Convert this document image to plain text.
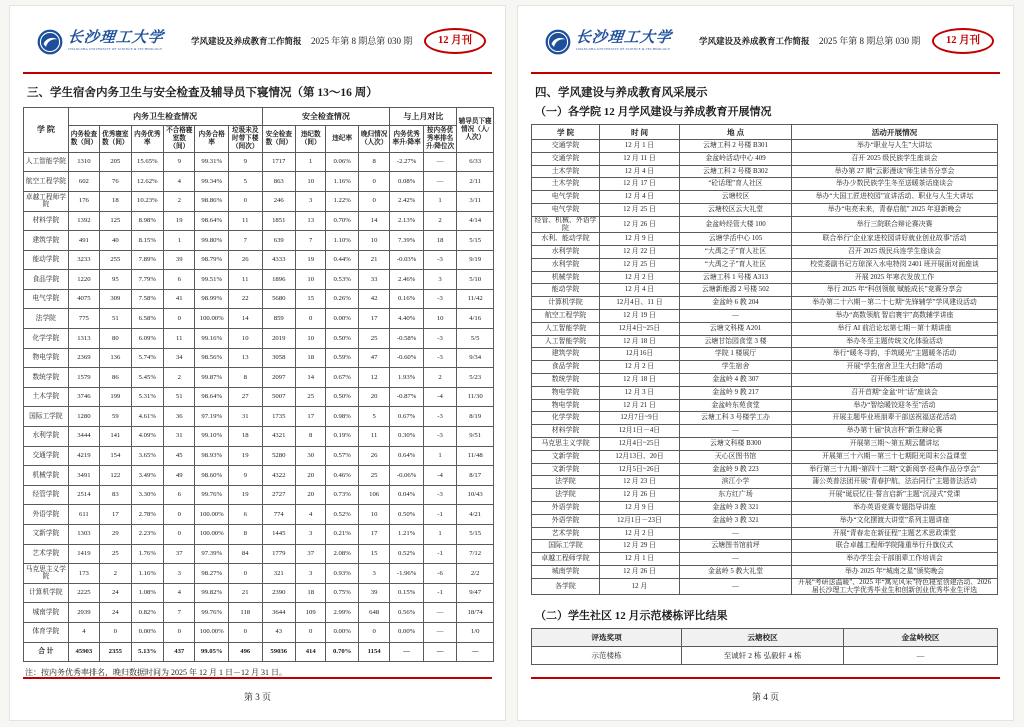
长沙理工大学
CHANGSHA UNIVERSITY OF SCIENCE & TECHNOLOGY
学风建设及养成教育工作简报 2025 年第 8 期总第 030 期	12 月刊
三、学生宿舍内务卫生与安全检查及辅导员下寝情况（第 13～16 周）
学 院	内务卫生检查情况						安全检查情况				与上月对比		辅导员下寝情况（人/人次）
	内务检查数（间）	优秀寝室数（间）	内务优秀率	不合格寝室数（间）	内务合格率	垃圾未及时带下楼（间次）	安全检查数（间）	违纪数（间）	违纪率	晚归情况（人次）	内务优秀率升/降率	按内务优秀率排名升/降位次	
人工智能学院	1310	205	15.65%	9	99.31%	9	1717	1	0.06%	8	-2.27%	—	6/33
航空工程学院	602	76	12.62%	4	99.34%	5	863	10	1.16%	0	0.08%	—	2/11
卓越工程师学院	176	18	10.23%	2	98.86%	0	246	3	1.22%	0	2.42%	1	3/11
材料学院	1392	125	8.98%	19	98.64%	11	1851	13	0.70%	14	2.13%	2	4/14
建筑学院	491	40	8.15%	1	99.80%	7	639	7	1.10%	10	7.39%	18	5/15
能动学院	3233	255	7.89%	39	98.79%	26	4333	19	0.44%	21	-0.03%	-3	9/19
食品学院	1220	95	7.79%	6	99.51%	11	1896	10	0.53%	33	2.46%	3	5/10
电气学院	4075	309	7.58%	41	98.99%	22	5680	15	0.26%	42	0.16%	-3	11/42
法学院	775	51	6.58%	0	100.00%	14	859	0	0.00%	17	4.40%	10	4/16
化学学院	1313	80	6.09%	11	99.16%	10	2019	10	0.50%	25	-0.58%	-3	5/5
物电学院	2369	136	5.74%	34	98.56%	13	3058	18	0.59%	47	-0.60%	-3	9/34
数统学院	1579	86	5.45%	2	99.87%	8	2097	14	0.67%	12	1.93%	2	5/23
土木学院	3746	199	5.31%	51	98.64%	27	5007	25	0.50%	20	-0.87%	-4	11/30
国际工学院	1280	59	4.61%	36	97.19%	31	1735	17	0.98%	5	0.67%	-3	8/19
水利学院	3444	141	4.09%	31	99.10%	18	4321	8	0.19%	11	0.30%	-3	9/51
交通学院	4219	154	3.65%	45	98.93%	19	5280	30	0.57%	26	0.64%	1	11/48
机械学院	3491	122	3.49%	49	98.60%	9	4322	20	0.46%	25	-0.06%	-4	8/17
经管学院	2514	83	3.30%	6	99.76%	19	2727	20	0.73%	106	0.04%	-3	10/43
外语学院	611	17	2.78%	0	100.00%	6	774	4	0.52%	10	0.50%	-1	4/21
文新学院	1303	29	2.23%	0	100.00%	8	1445	3	0.21%	17	1.21%	1	5/15
艺术学院	1419	25	1.76%	37	97.39%	84	1779	37	2.08%	15	0.52%	-1	7/12
马克思主义学院	173	2	1.16%	3	98.27%	0	321	3	0.93%	3	-1.96%	-6	2/2
计算机学院	2225	24	1.08%	4	99.82%	21	2390	18	0.75%	39	0.15%	-1	9/47
城南学院	2939	24	0.82%	7	99.76%	118	3644	109	2.99%	648	0.56%	—	18/74
体育学院	4	0	0.00%	0	100.00%	0	43	0	0.00%	0	0.00%	—	1/0
合 计	45903	2355	5.13%	437	99.05%	496	59036	414	0.70%	1154	—	—	—
注：按内务优秀率排名，晚归数据时间为 2025 年 12 月 1 日－12 月 31 日。
第 3 页
长沙理工大学
CHANGSHA UNIVERSITY OF SCIENCE & TECHNOLOGY
学风建设及养成教育工作简报 2025 年第 8 期总第 030 期	12 月刊
四、学风建设与养成教育风采展示
（一）各学院 12 月学风建设与养成教育开展情况
学 院	时 间	地 点	活动开展情况
交通学院	12 月 1 日	云塘工科 2 号楼 B301	举办“职业与人生”大讲坛
交通学院	12 月 11 日	金盆岭活动中心 409	召开 2025 级民族学生座谈会
土木学院	12 月 4 日	云塘工科 2 号楼 B302	举办第 27 期“云影漫谈”师生读书分享会
土木学院	12 月 17 日	“砼话理”育人社区	举办少数民族学生冬至送暖茶话座谈会
电气学院	12 月 4 日	云塘校区	举办“大国工匠进校园”宣讲活动、职业与人生大讲坛
电气学院	12 月 25 日	云塘校区云大礼堂	举办“电亮未来，青春启航” 2025 年迎新晚会
经管、机械、外语学院	12 月 26 日	金盆岭经管大楼 100	举行三院联合辩论赛决赛
水利、能动学院	12 月 9 日	云塘学活中心 105	联合举行“企业家进校园讲好就业创业故事”活动
水利学院	12 月 22 日	“大禹之子”育人社区	召开 2025 级民兵连学生座谈会
水利学院	12 月 25 日	“大禹之子”育人社区	校党委副书记方琼深入水电特岗 2401 班开展面对面座谈
机械学院	12 月 2 日	云塘工科 1 号楼 A313	开展 2025 年寒衣发放工作
能动学院	12 月 4 日	云塘新能源 2 号楼 502	举行 2025 年“科创领航 赋能成长”竞赛分享会
计算机学院	12月4日、11 日	金盆岭 6 教 204	举办第二十六期－第二十七期“先锋辅学”学风建设活动
航空工程学院	12 月 19 日	—	举办“高数领航 智启寰宇”高数辅学讲座
人工智能学院	12月4日~25日	云塘文科楼 A201	举行 AI 前沿论坛第七期－第十期讲座
人工智能学院	12 月 18 日	云塘甘饴园食堂 3 楼	举办冬至主题传统文化体验活动
建筑学院	12月16日	学院 1 楼展厅	举行“暖冬寻韵，手筑暖光”主题暖冬活动
食品学院	12 月 2 日	学生宿舍	开展“学生宿舍卫生大扫除”活动
数统学院	12 月 18 日	金盆岭 4 教 307	召开师生座谈会
物电学院	12 月 3 日	金盆岭 9 教 217	召开首期“金盆‘叶’话”座谈会
物电学院	12 月 21 日	金盆岭东苑食堂	举办“智绘暖饺迎冬至”活动
化学学院	12月7日~9日	云塘工科 3 号楼学工办	开展主题毕业班朋辈干部送祝福送花活动
材料学院	12月1日－4日	—	举办第十届“执言杯”新生辩论赛
马克思主义学院	12月4日~25日	云塘文科楼 B300	开展第三期～第五期云麓讲坛
文新学院	12月13日、20日	天心区图书馆	开展第三十六期－第三十七期阳光周末公益课堂
文新学院	12月5日~26日	金盆岭 9 教 223	举行第三十九期~第四十二期“文新阅享·经典作品分享会”
法学院	12 月 23 日	滨江小学	蒲公英普法团开展“青春护航，法治同行”主题普法活动
法学院	12 月 26 日	东方红广场	开展“诞辰忆往·誓言启新”主题“沉浸式”党课
外语学院	12 月 9 日	金盆岭 3 教 321	举办英语竞赛专题指导讲座
外语学院	12月1日－23日	金盆岭 3 教 321	举办“文化摆渡大讲堂”系列主题讲座
艺术学院	12 月 2 日	—	开展“青春走在新征程”主题艺术思政课堂
国际工学院	12 月 29 日	云塘图书馆前坪	联合卓越工程师学院隆重举行升旗仪式
卓越工程师学院	12 月 1 日	—	举办学生会干部朋辈工作培训会
城南学院	12 月 26 日	金盆岭 5 教大礼堂	举办 2025 年“城南之星”颁奖晚会
各学院	12 月	—	开展“考研送温暖”、2025 年“寓见风采”特色寝室创建活动、2026 届长沙理工大学优秀毕业生和创新创业优秀毕业生评选
（二）学生社区 12 月示范楼栋评比结果
评选奖项	云塘校区	金盆岭校区
示范楼栋	至诚轩 2 栋 弘毅轩 4 栋	—
第 4 页
